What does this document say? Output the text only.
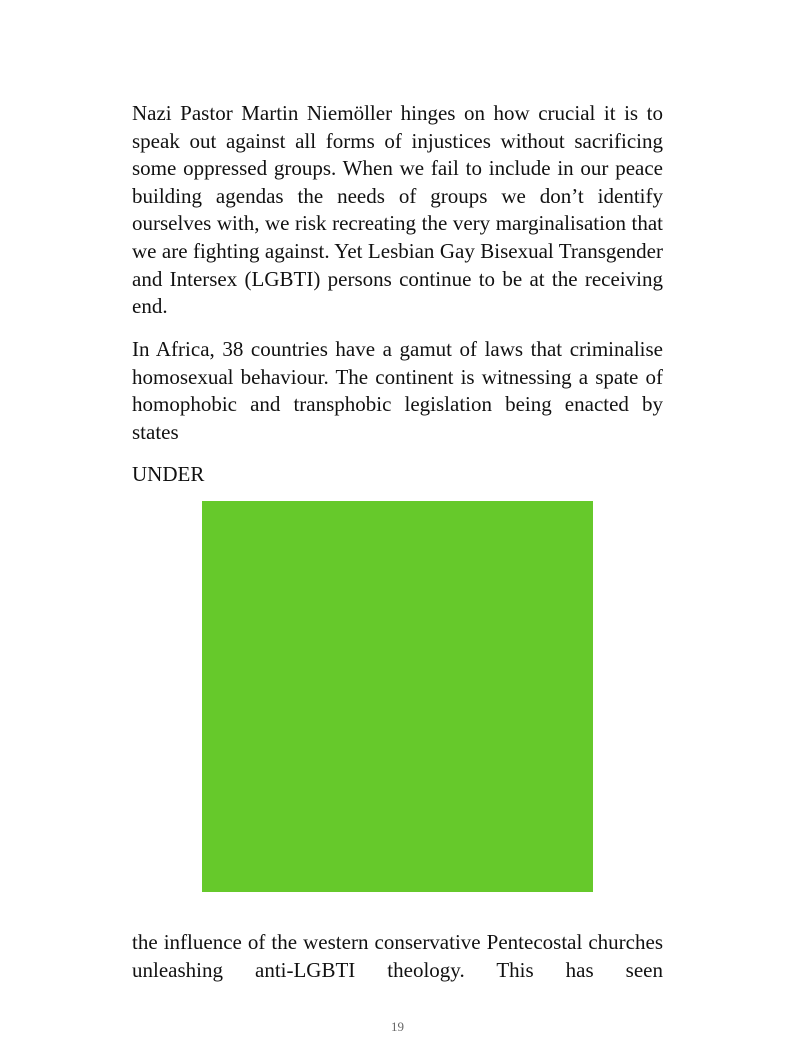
Nazi Pastor Martin Niemöller hinges on how crucial it is to speak out against all forms of injustices without sacrificing some oppressed groups. When we fail to include in our peace building agendas the needs of groups we don’t identify ourselves with, we risk recreating the very marginalisation that we are fighting against. Yet Lesbian Gay Bisexual Transgender and Intersex (LGBTI) persons continue to be at the receiving end.

In Africa, 38 countries have a gamut of laws that criminalise homosexual behaviour. The continent is witnessing a spate of homophobic and transphobic legislation being enacted by states

UNDER

the influence of the western conservative Pentecostal churches unleashing anti-LGBTI theology. This has seen

19
